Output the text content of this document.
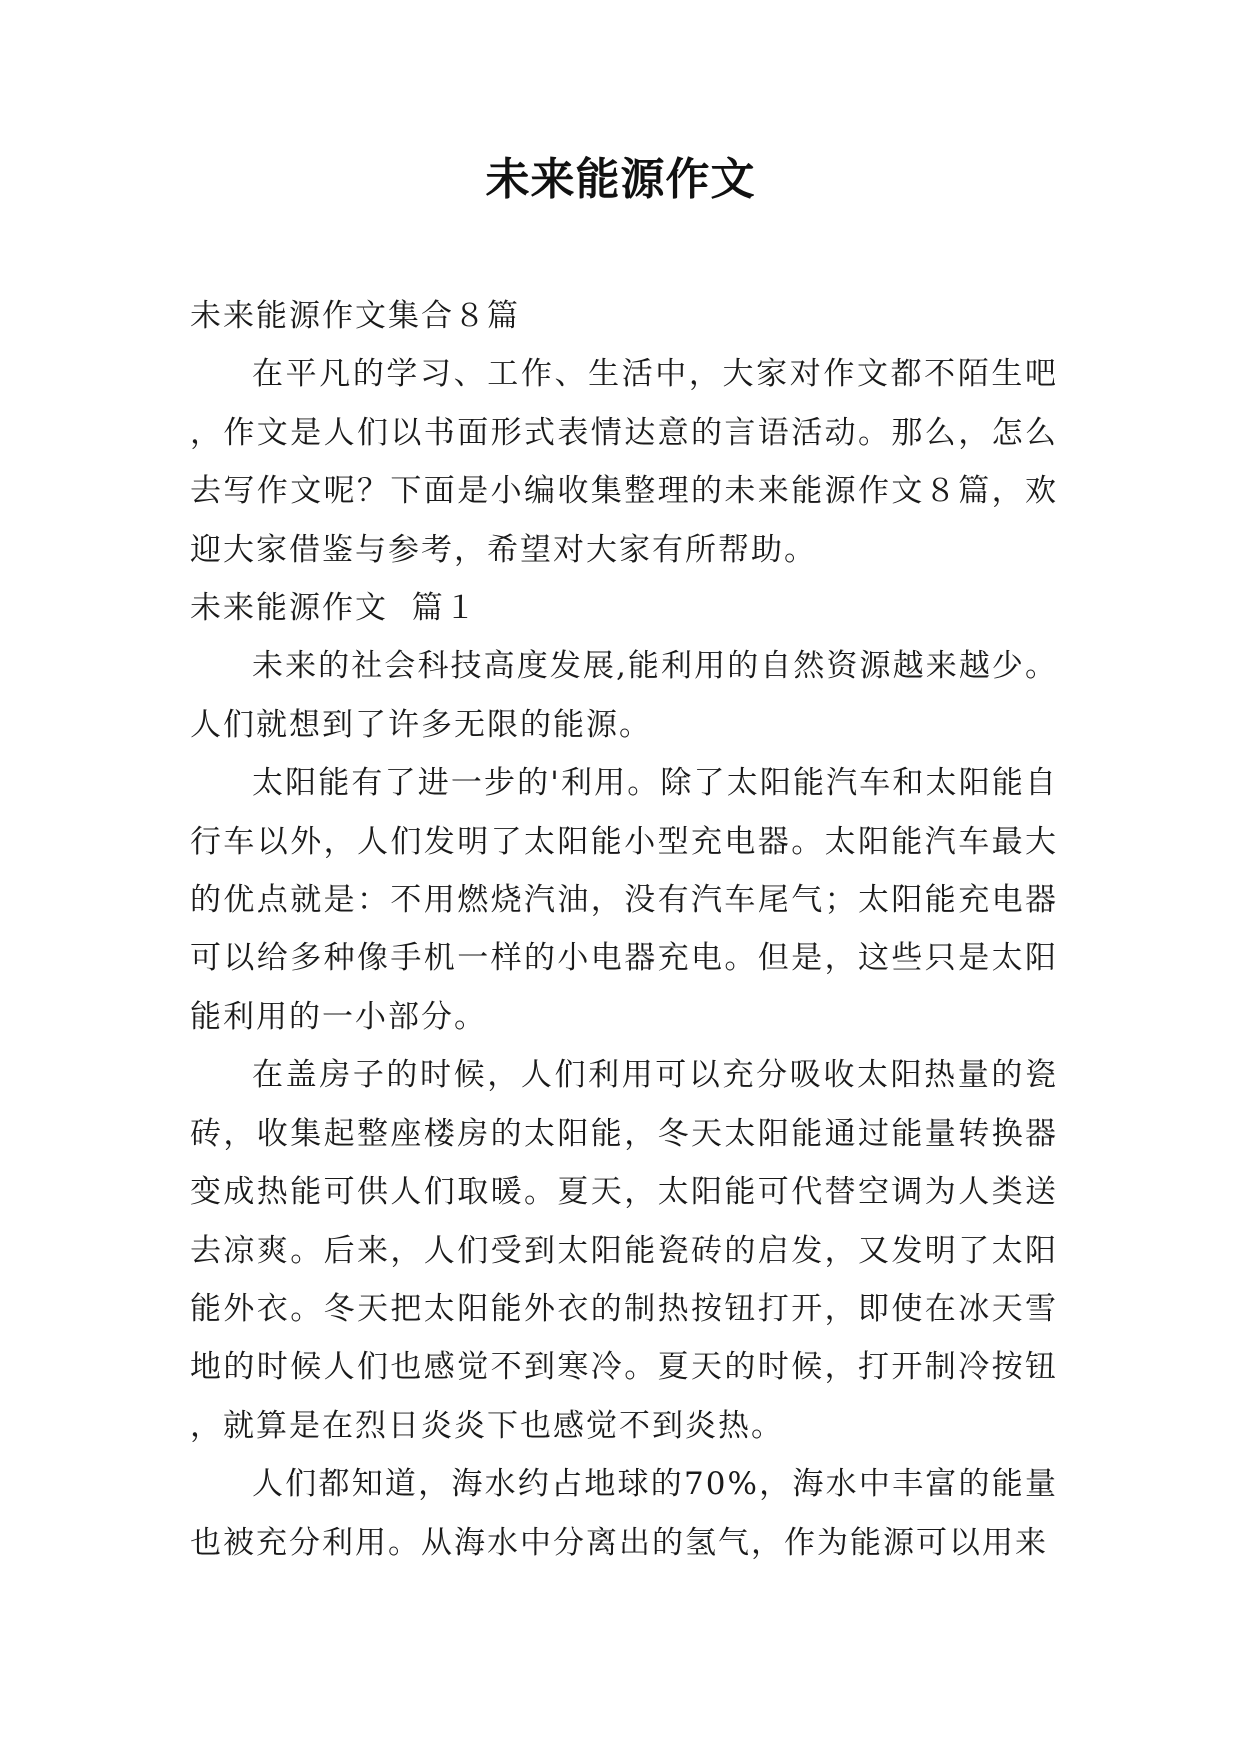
未来能源作文
未来能源作文集合８篇

在平凡的学习、工作、生活中，大家对作文都不陌生吧，作文是人们以书面形式表情达意的言语活动。那么，怎么去写作文呢？下面是小编收集整理的未来能源作文８篇，欢迎大家借鉴与参考，希望对大家有所帮助。

未来能源作文  篇１

未来的社会科技高度发展,能利用的自然资源越来越少。人们就想到了许多无限的能源。

太阳能有了进一步的'利用。除了太阳能汽车和太阳能自行车以外，人们发明了太阳能小型充电器。太阳能汽车最大的优点就是：不用燃烧汽油，没有汽车尾气；太阳能充电器可以给多种像手机一样的小电器充电。但是，这些只是太阳能利用的一小部分。

在盖房子的时候，人们利用可以充分吸收太阳热量的瓷砖，收集起整座楼房的太阳能，冬天太阳能通过能量转换器变成热能可供人们取暖。夏天，太阳能可代替空调为人类送去凉爽。后来，人们受到太阳能瓷砖的启发，又发明了太阳能外衣。冬天把太阳能外衣的制热按钮打开，即使在冰天雪地的时候人们也感觉不到寒冷。夏天的时候，打开制冷按钮，就算是在烈日炎炎下也感觉不到炎热。

人们都知道，海水约占地球的70%，海水中丰富的能量也被充分利用。从海水中分离出的氢气，作为能源可以用来
